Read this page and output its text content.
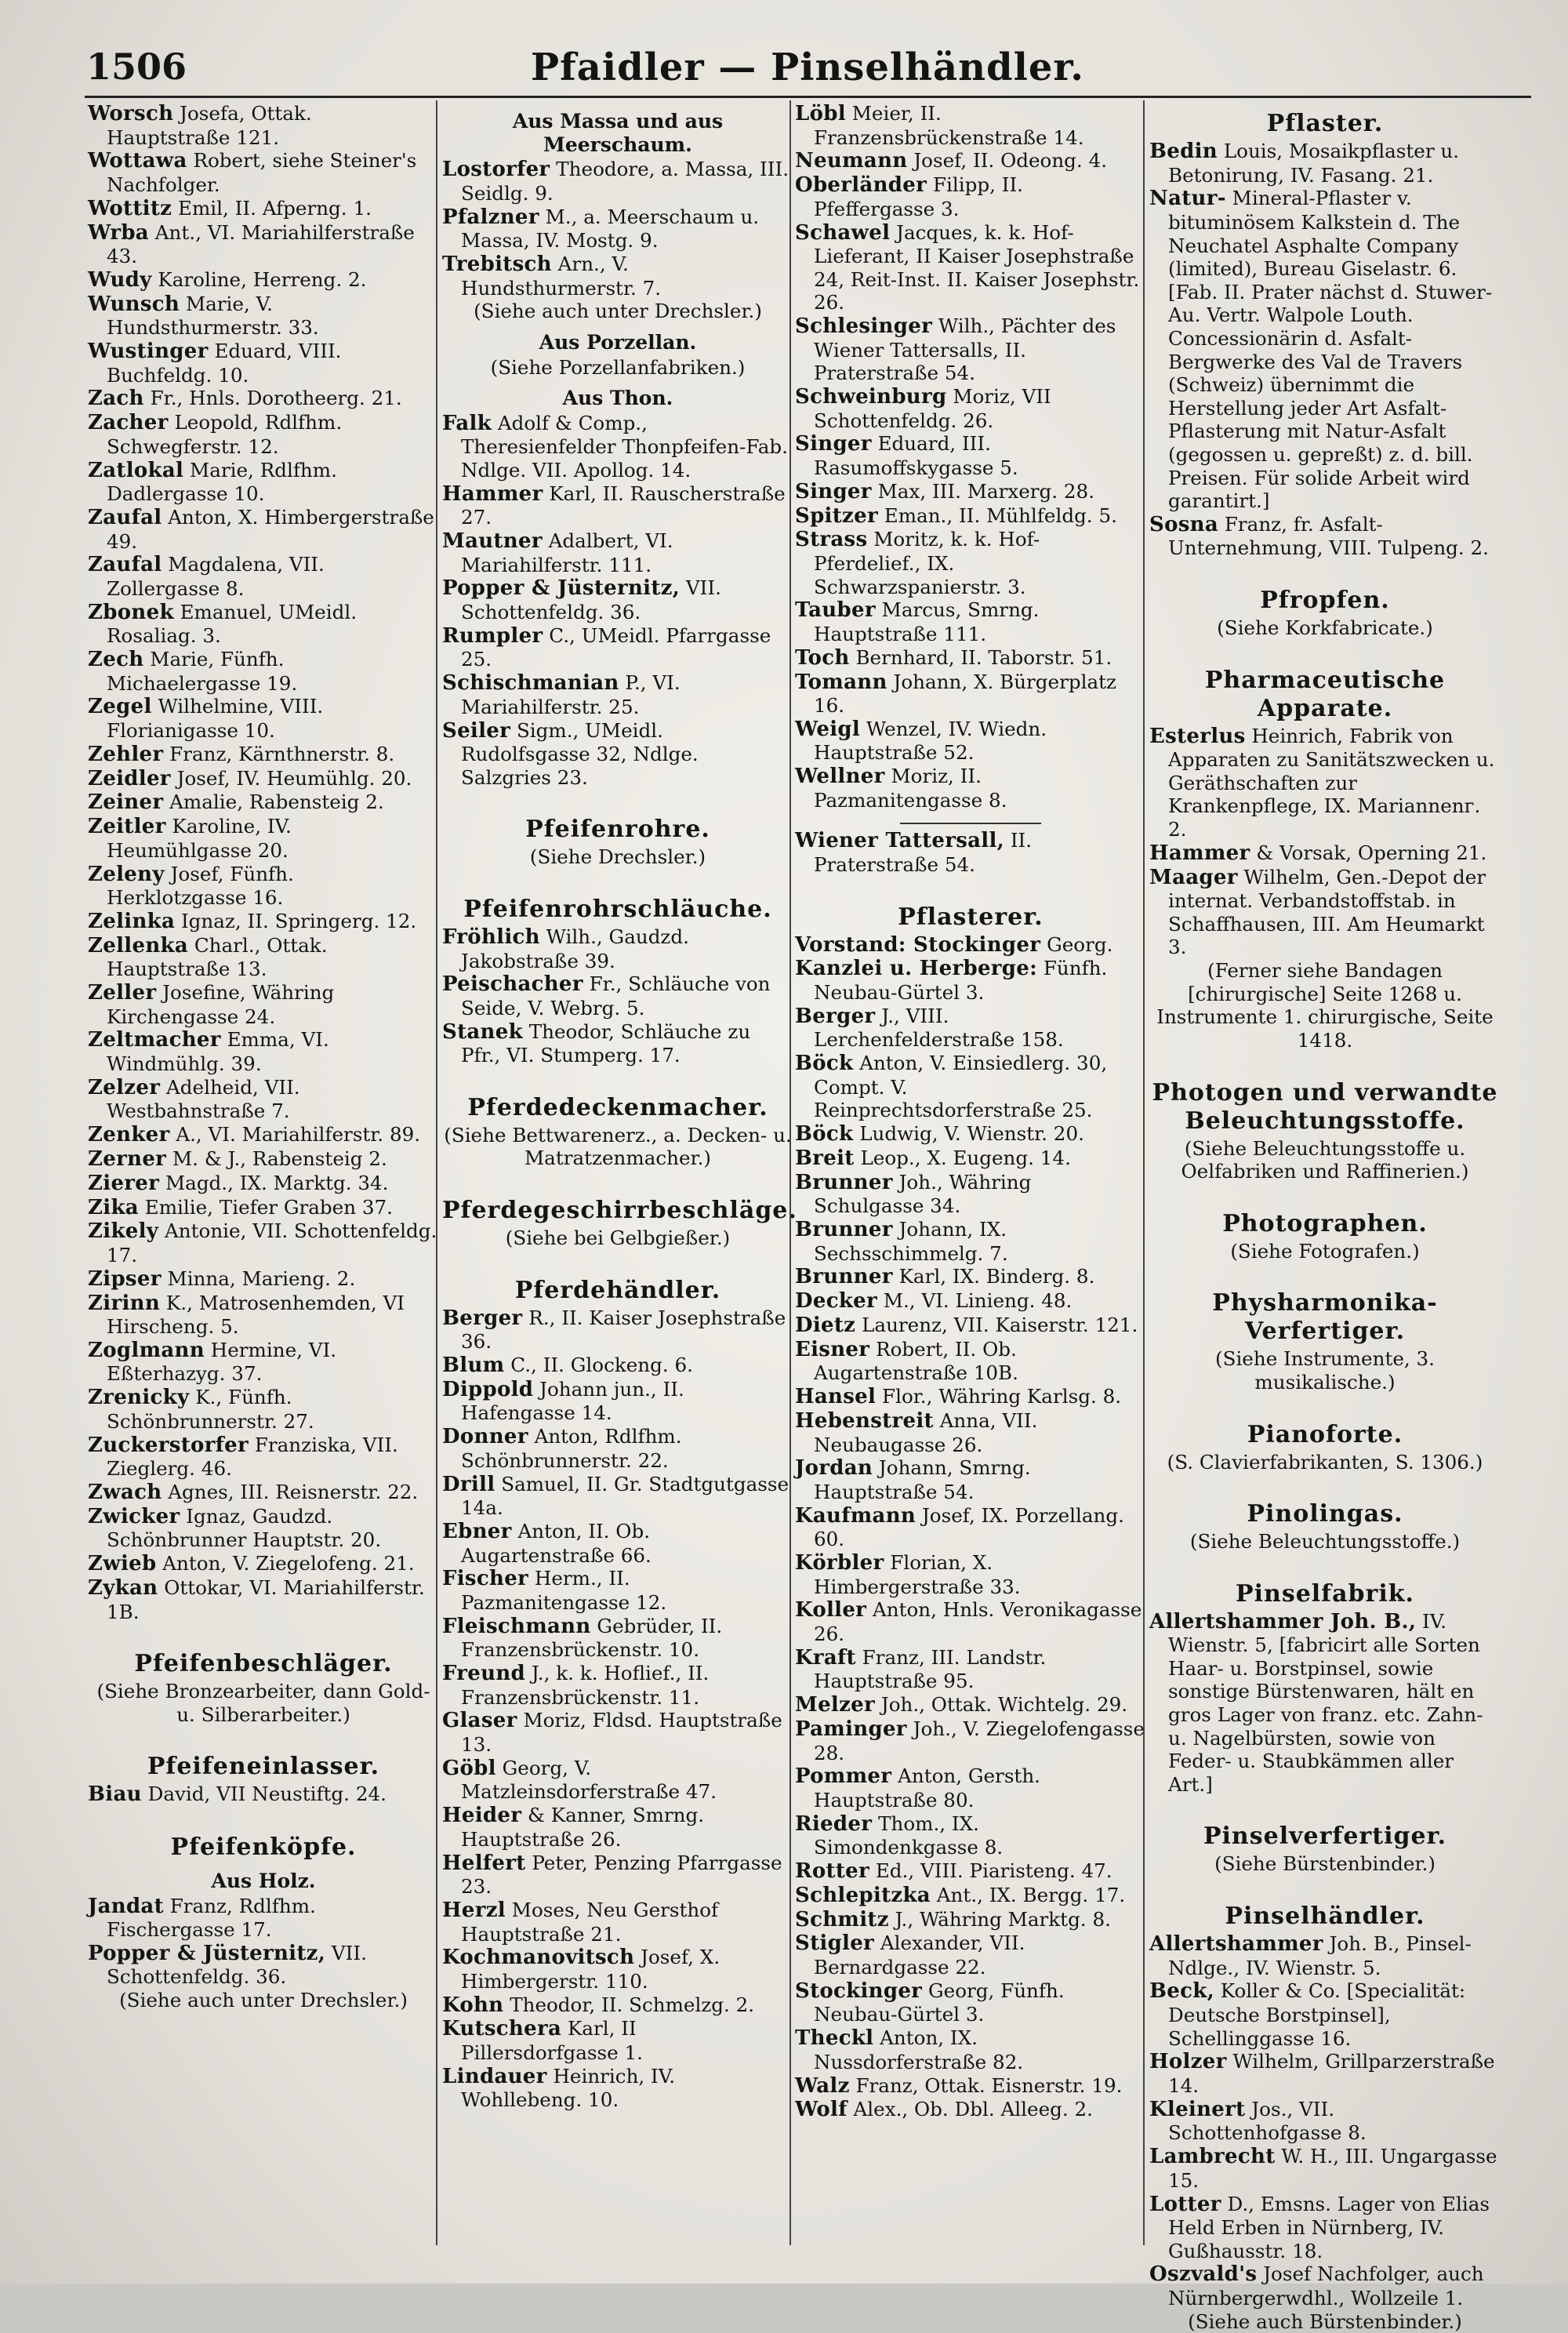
1506	Pfaidler — Pinselhändler.
Worsch Josefa, Ottak. Hauptstraße 121.
Wottawa Robert, siehe Steiner's Nachfolger.
Wottitz Emil, II. Afperng. 1.
Wrba Ant., VI. Mariahilferstraße 43.
Wudy Karoline, Herreng. 2.
Wunsch Marie, V. Hundsthurmerstr. 33.
Wustinger Eduard, VIII. Buchfeldg. 10.
Zach Fr., Hnls. Dorotheerg. 21.
Zacher Leopold, Rdlfhm. Schwegferstr. 12.
Zatlokal Marie, Rdlfhm. Dadlergasse 10.
Zaufal Anton, X. Himbergerstraße 49.
Zaufal Magdalena, VII. Zollergasse 8.
Zbonek Emanuel, UMeidl. Rosaliag. 3.
Zech Marie, Fünfh. Michaelergasse 19.
Zegel Wilhelmine, VIII. Florianigasse 10.
Zehler Franz, Kärnthnerstr. 8.
Zeidler Josef, IV. Heumühlg. 20.
Zeiner Amalie, Rabensteig 2.
Zeitler Karoline, IV. Heumühlgasse 20.
Zeleny Josef, Fünfh. Herklotzgasse 16.
Zelinka Ignaz, II. Springerg. 12.
Zellenka Charl., Ottak. Hauptstraße 13.
Zeller Josefine, Währing Kirchengasse 24.
Zeltmacher Emma, VI. Windmühlg. 39.
Zelzer Adelheid, VII. Westbahnstraße 7.
Zenker A., VI. Mariahilferstr. 89.
Zerner M. & J., Rabensteig 2.
Zierer Magd., IX. Marktg. 34.
Zika Emilie, Tiefer Graben 37.
Zikely Antonie, VII. Schottenfeldg. 17.
Zipser Minna, Marieng. 2.
Zirinn K., Matrosenhemden, VI Hirscheng. 5.
Zoglmann Hermine, VI. Eßterhazyg. 37.
Zrenicky K., Fünfh. Schönbrunnerstr. 27.
Zuckerstorfer Franziska, VII. Zieglerg. 46.
Zwach Agnes, III. Reisnerstr. 22.
Zwicker Ignaz, Gaudzd. Schönbrunner Hauptstr. 20.
Zwieb Anton, V. Ziegelofeng. 21.
Zykan Ottokar, VI. Mariahilferstr. 1B.
Pfeifenbeschläger.
(Siehe Bronzearbeiter, dann Gold- u. Silberarbeiter.)
Pfeifeneinlasser.
Biau David, VII Neustiftg. 24.
Pfeifenköpfe.
Aus Holz.
Jandat Franz, Rdlfhm. Fischergasse 17.
Popper & Jüsternitz, VII. Schottenfeldg. 36.
(Siehe auch unter Drechsler.)
Aus Massa und aus Meerschaum.
Lostorfer Theodore, a. Massa, III. Seidlg. 9.
Pfalzner M., a. Meerschaum u. Massa, IV. Mostg. 9.
Trebitsch Arn., V. Hundsthurmerstr. 7.
(Siehe auch unter Drechsler.)
Aus Porzellan.
(Siehe Porzellanfabriken.)
Aus Thon.
Falk Adolf & Comp., Theresienfelder Thonpfeifen-Fab. Ndlge. VII. Apollog. 14.
Hammer Karl, II. Rauscherstraße 27.
Mautner Adalbert, VI. Mariahilferstr. 111.
Popper & Jüsternitz, VII. Schottenfeldg. 36.
Rumpler C., UMeidl. Pfarrgasse 25.
Schischmanian P., VI. Mariahilferstr. 25.
Seiler Sigm., UMeidl. Rudolfsgasse 32, Ndlge. Salzgries 23.
Pfeifenrohre.
(Siehe Drechsler.)
Pfeifenrohrschläuche.
Fröhlich Wilh., Gaudzd. Jakobstraße 39.
Peischacher Fr., Schläuche von Seide, V. Webrg. 5.
Stanek Theodor, Schläuche zu Pfr., VI. Stumperg. 17.
Pferdedeckenmacher.
(Siehe Bettwarenerz., a. Decken- u. Matratzenmacher.)
Pferdegeschirrbeschläge.
(Siehe bei Gelbgießer.)
Pferdehändler.
Berger R., II. Kaiser Josephstraße 36.
Blum C., II. Glockeng. 6.
Dippold Johann jun., II. Hafengasse 14.
Donner Anton, Rdlfhm. Schönbrunnerstr. 22.
Drill Samuel, II. Gr. Stadtgutgasse 14a.
Ebner Anton, II. Ob. Augartenstraße 66.
Fischer Herm., II. Pazmanitengasse 12.
Fleischmann Gebrüder, II. Franzensbrückenstr. 10.
Freund J., k. k. Hoflief., II. Franzensbrückenstr. 11.
Glaser Moriz, Fldsd. Hauptstraße 13.
Göbl Georg, V. Matzleinsdorferstraße 47.
Heider & Kanner, Smrng. Hauptstraße 26.
Helfert Peter, Penzing Pfarrgasse 23.
Herzl Moses, Neu Gersthof Hauptstraße 21.
Kochmanovitsch Josef, X. Himbergerstr. 110.
Kohn Theodor, II. Schmelzg. 2.
Kutschera Karl, II Pillersdorfgasse 1.
Lindauer Heinrich, IV. Wohllebeng. 10.
Löbl Meier, II. Franzensbrückenstraße 14.
Neumann Josef, II. Odeong. 4.
Oberländer Filipp, II. Pfeffergasse 3.
Schawel Jacques, k. k. Hof-Lieferant, II Kaiser Josephstraße 24, Reit-Inst. II. Kaiser Josephstr. 26.
Schlesinger Wilh., Pächter des Wiener Tattersalls, II. Praterstraße 54.
Schweinburg Moriz, VII Schottenfeldg. 26.
Singer Eduard, III. Rasumoffskygasse 5.
Singer Max, III. Marxerg. 28.
Spitzer Eman., II. Mühlfeldg. 5.
Strass Moritz, k. k. Hof-Pferdelief., IX. Schwarzspanierstr. 3.
Tauber Marcus, Smrng. Hauptstraße 111.
Toch Bernhard, II. Taborstr. 51.
Tomann Johann, X. Bürgerplatz 16.
Weigl Wenzel, IV. Wiedn. Hauptstraße 52.
Wellner Moriz, II. Pazmanitengasse 8.
Wiener Tattersall, II. Praterstraße 54.
Pflasterer.
Vorstand: Stockinger Georg.
Kanzlei u. Herberge: Fünfh. Neubau-Gürtel 3.
Berger J., VIII. Lerchenfelderstraße 158.
Böck Anton, V. Einsiedlerg. 30, Compt. V. Reinprechtsdorferstraße 25.
Böck Ludwig, V. Wienstr. 20.
Breit Leop., X. Eugeng. 14.
Brunner Joh., Währing Schulgasse 34.
Brunner Johann, IX. Sechsschimmelg. 7.
Brunner Karl, IX. Binderg. 8.
Decker M., VI. Linieng. 48.
Dietz Laurenz, VII. Kaiserstr. 121.
Eisner Robert, II. Ob. Augartenstraße 10B.
Hansel Flor., Währing Karlsg. 8.
Hebenstreit Anna, VII. Neubaugasse 26.
Jordan Johann, Smrng. Hauptstraße 54.
Kaufmann Josef, IX. Porzellang. 60.
Körbler Florian, X. Himbergerstraße 33.
Koller Anton, Hnls. Veronikagasse 26.
Kraft Franz, III. Landstr. Hauptstraße 95.
Melzer Joh., Ottak. Wichtelg. 29.
Paminger Joh., V. Ziegelofengasse 28.
Pommer Anton, Gersth. Hauptstraße 80.
Rieder Thom., IX. Simondenkgasse 8.
Rotter Ed., VIII. Piaristeng. 47.
Schlepitzka Ant., IX. Bergg. 17.
Schmitz J., Währing Marktg. 8.
Stigler Alexander, VII. Bernardgasse 22.
Stockinger Georg, Fünfh. Neubau-Gürtel 3.
Theckl Anton, IX. Nussdorferstraße 82.
Walz Franz, Ottak. Eisnerstr. 19.
Wolf Alex., Ob. Dbl. Alleeg. 2.
Pflaster.
Bedin Louis, Mosaikpflaster u. Betonirung, IV. Fasang. 21.
Natur- Mineral-Pflaster v. bituminösem Kalkstein d. The Neuchatel Asphalte Company (limited), Bureau Giselastr. 6. [Fab. II. Prater nächst d. Stuwer-Au. Vertr. Walpole Louth. Concessionärin d. Asfalt-Bergwerke des Val de Travers (Schweiz) übernimmt die Herstellung jeder Art Asfalt-Pflasterung mit Natur-Asfalt (gegossen u. gepreßt) z. d. bill. Preisen. Für solide Arbeit wird garantirt.]
Sosna Franz, fr. Asfalt-Unternehmung, VIII. Tulpeng. 2.
Pfropfen.
(Siehe Korkfabricate.)
Pharmaceutische Apparate.
Esterlus Heinrich, Fabrik von Apparaten zu Sanitätszwecken u. Geräthschaften zur Krankenpflege, IX. Mariannenг. 2.
Hammer & Vorsak, Operning 21.
Maager Wilhelm, Gen.-Depot der internat. Verbandstoffstab. in Schaffhausen, III. Am Heumarkt 3.
(Ferner siehe Bandagen [chirurgische] Seite 1268 u. Instrumente 1. chirurgische, Seite 1418.
Photogen und verwandte Beleuchtungsstoffe.
(Siehe Beleuchtungsstoffe u. Oelfabriken und Raffinerien.)
Photographen.
(Siehe Fotografen.)
Physharmonika-Verfertiger.
(Siehe Instrumente, 3. musikalische.)
Pianoforte.
(S. Clavierfabrikanten, S. 1306.)
Pinolingas.
(Siehe Beleuchtungsstoffe.)
Pinselfabrik.
Allertshammer Joh. B., IV. Wienstr. 5, [fabricirt alle Sorten Haar- u. Borstpinsel, sowie sonstige Bürstenwaren, hält en gros Lager von franz. etc. Zahn- u. Nagelbürsten, sowie von Feder- u. Staubkämmen aller Art.]
Pinselverfertiger.
(Siehe Bürstenbinder.)
Pinselhändler.
Allertshammer Joh. B., Pinsel-Ndlge., IV. Wienstr. 5.
Beck, Koller & Co. [Specialität: Deutsche Borstpinsel], Schellinggasse 16.
Holzer Wilhelm, Grillparzerstraße 14.
Kleinert Jos., VII. Schottenhofgasse 8.
Lambrecht W. H., III. Ungargasse 15.
Lotter D., Emsns. Lager von Elias Held Erben in Nürnberg, IV. Gußhausstr. 18.
Oszvald's Josef Nachfolger, auch Nürnbergerwdhl., Wollzeile 1.
(Siehe auch Bürstenbinder.)
